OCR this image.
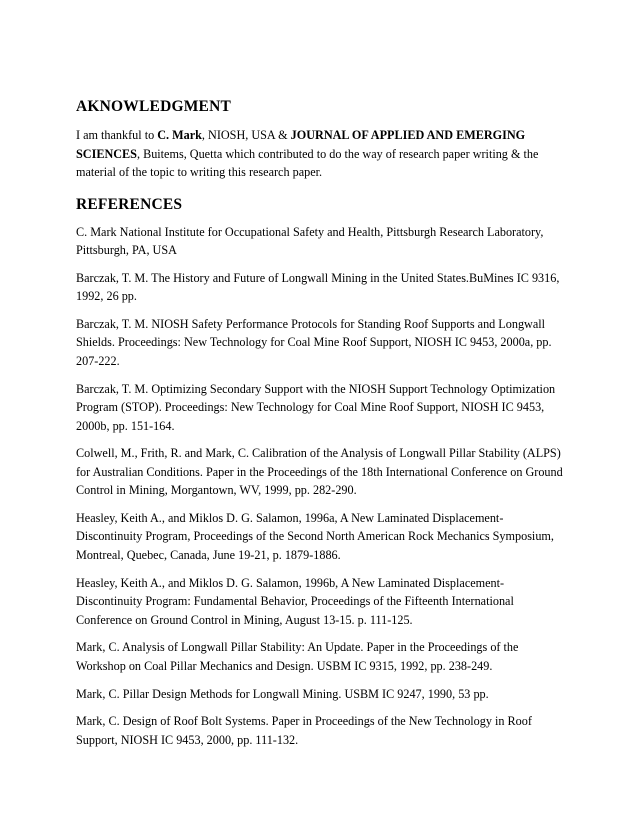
AKNOWLEDGMENT

I am thankful to C. Mark, NIOSH, USA & JOURNAL OF APPLIED AND EMERGING SCIENCES, Buitems, Quetta which contributed to do the way of research paper writing & the material of the topic to writing this research paper.

REFERENCES

C. Mark National Institute for Occupational Safety and Health, Pittsburgh Research Laboratory, Pittsburgh, PA, USA

Barczak, T. M. The History and Future of Longwall Mining in the United States.BuMines IC 9316, 1992, 26 pp.

Barczak, T. M. NIOSH Safety Performance Protocols for Standing Roof Supports and Longwall Shields. Proceedings: New Technology for Coal Mine Roof Support, NIOSH IC 9453, 2000a, pp. 207-222.

Barczak, T. M. Optimizing Secondary Support with the NIOSH Support Technology Optimization Program (STOP). Proceedings: New Technology for Coal Mine Roof Support, NIOSH IC 9453, 2000b, pp. 151-164.

Colwell, M., Frith, R. and Mark, C. Calibration of the Analysis of Longwall Pillar Stability (ALPS) for Australian Conditions. Paper in the Proceedings of the 18th International Conference on Ground Control in Mining, Morgantown, WV, 1999, pp. 282-290.

Heasley, Keith A., and Miklos D. G. Salamon, 1996a, A New Laminated Displacement-Discontinuity Program, Proceedings of the Second North American Rock Mechanics Symposium, Montreal, Quebec, Canada, June 19-21, p. 1879-1886.

Heasley, Keith A., and Miklos D. G. Salamon, 1996b, A New Laminated Displacement-Discontinuity Program: Fundamental Behavior, Proceedings of the Fifteenth International Conference on Ground Control in Mining, August 13-15. p. 111-125.

Mark, C. Analysis of Longwall Pillar Stability: An Update. Paper in the Proceedings of the Workshop on Coal Pillar Mechanics and Design. USBM IC 9315, 1992, pp. 238-249.

Mark, C. Pillar Design Methods for Longwall Mining. USBM IC 9247, 1990, 53 pp.

Mark, C. Design of Roof Bolt Systems. Paper in Proceedings of the New Technology in Roof Support, NIOSH IC 9453, 2000, pp. 111-132.
